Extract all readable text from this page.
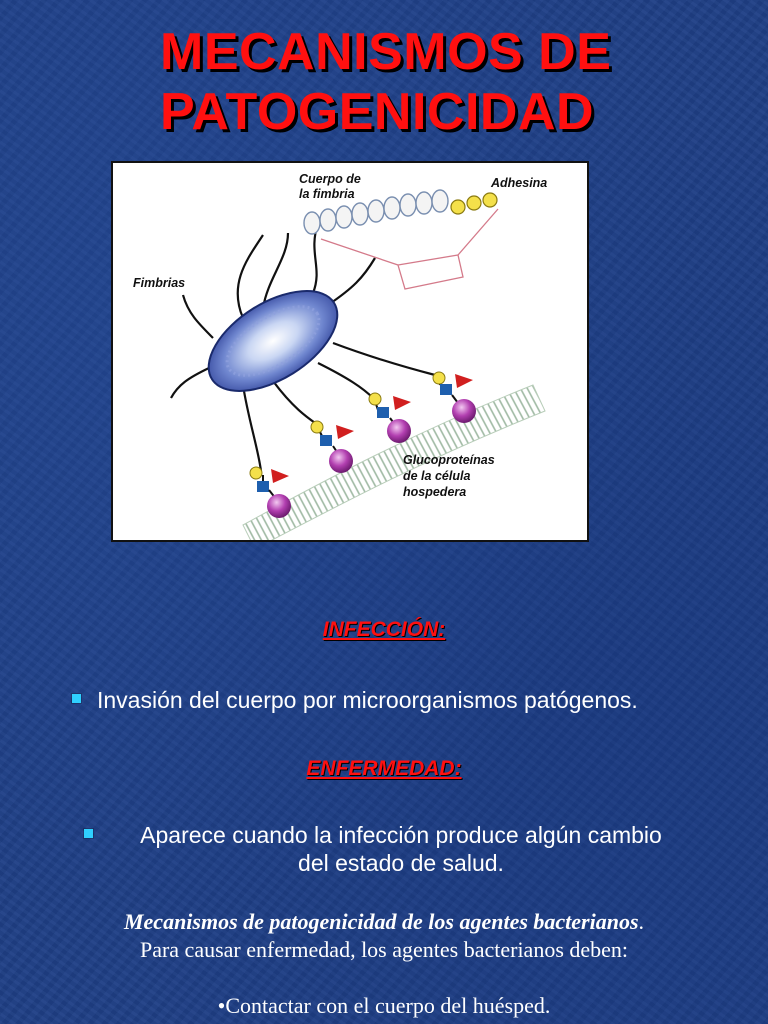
MECANISMOS DE
PATOGENICIDAD
Cuerpo de
la fimbria
Adhesina
Fimbrias
Glucoproteínas
de la célula
hospedera
INFECCIÓN:
Invasión del cuerpo por microorganismos patógenos.
ENFERMEDAD:
Aparece cuando la infección produce algún cambio
del estado de salud.
Mecanismos de patogenicidad de los agentes bacterianos.
Para causar enfermedad, los agentes bacterianos deben:
•Contactar con el cuerpo del huésped.
